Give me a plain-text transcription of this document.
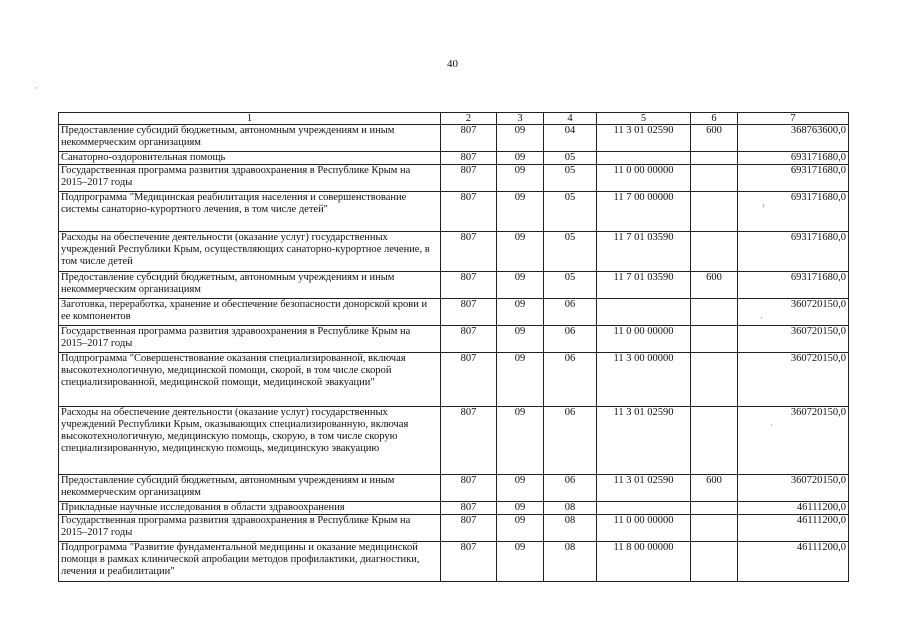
40
·
›
·
·
1	2	3	4	5	6	7
Предоставление субсидий бюджетным, автономным учреждениям и иным некоммерческим организациям	807	09	04	11 3 01 02590	600	368763600,0
Санаторно-оздоровительная помощь	807	09	05			693171680,0
Государственная программа развития здравоохранения в Республике Крым на 2015–2017 годы	807	09	05	11 0 00 00000		693171680,0
Подпрограмма "Медицинская реабилитация населения и совершенствование системы санаторно-курортного лечения, в том числе детей"	807	09	05	11 7 00 00000		693171680,0
Расходы на обеспечение деятельности (оказание услуг) государственных учреждений Республики Крым, осуществляющих санаторно-курортное лечение, в том числе детей	807	09	05	11 7 01 03590		693171680,0
Предоставление субсидий бюджетным, автономным учреждениям и иным некоммерческим организациям	807	09	05	11 7 01 03590	600	693171680,0
Заготовка, переработка, хранение и обеспечение безопасности донорской крови и ее компонентов	807	09	06			360720150,0
Государственная программа развития здравоохранения в Республике Крым на 2015–2017 годы	807	09	06	11 0 00 00000		360720150,0
Подпрограмма "Совершенствование оказания специализированной, включая высокотехнологичную, медицинской помощи, скорой, в том числе скорой специализированной, медицинской помощи, медицинской эвакуации"	807	09	06	11 3 00 00000		360720150,0
Расходы на обеспечение деятельности (оказание услуг) государственных учреждений Республики Крым, оказывающих специализированную, включая высокотехнологичную, медицинскую помощь, скорую, в том числе скорую специализированную, медицинскую помощь, медицинскую эвакуацию	807	09	06	11 3 01 02590		360720150,0
Предоставление субсидий бюджетным, автономным учреждениям и иным некоммерческим организациям	807	09	06	11 3 01 02590	600	360720150,0
Прикладные научные исследования в области здравоохранения	807	09	08			46111200,0
Государственная программа развития здравоохранения в Республике Крым на 2015–2017 годы	807	09	08	11 0 00 00000		46111200,0
Подпрограмма "Развитие фундаментальной медицины и оказание медицинской помощи в рамках клинической апробации методов профилактики, диагностики, лечения и реабилитации"	807	09	08	11 8 00 00000		46111200,0
